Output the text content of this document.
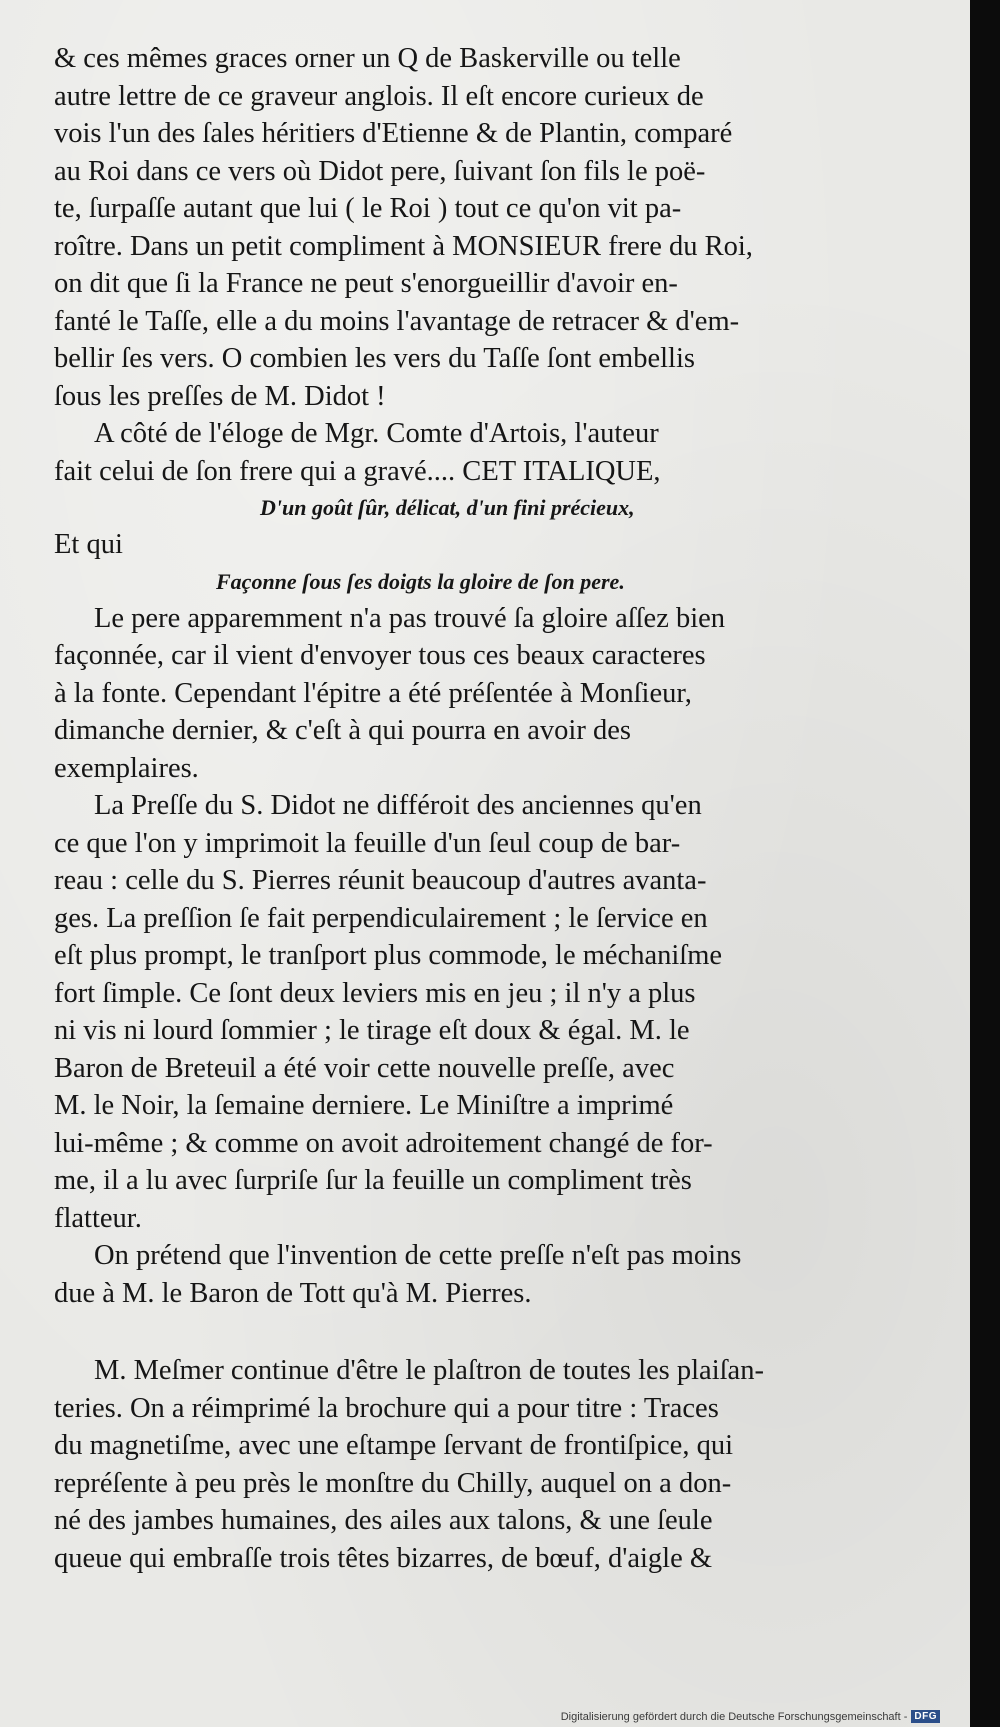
& ces mêmes graces orner un Q de Baskerville ou telle
autre lettre de ce graveur anglois. Il eſt encore curieux de
vois l'un des ſales héritiers d'Etienne & de Plantin, comparé
au Roi dans ce vers où Didot pere, ſuivant ſon fils le poë-
te, ſurpaſſe autant que lui ( le Roi ) tout ce qu'on vit pa-
roître. Dans un petit compliment à MONSIEUR frere du Roi,
on dit que ſi la France ne peut s'enorgueillir d'avoir en-
fanté le Taſſe, elle a du moins l'avantage de retracer & d'em-
bellir ſes vers. O combien les vers du Taſſe ſont embellis
ſous les preſſes de M. Didot !
A côté de l'éloge de Mgr. Comte d'Artois, l'auteur
fait celui de ſon frere qui a gravé.... CET ITALIQUE,
D'un goût ſûr, délicat, d'un fini précieux,
Et qui
Façonne ſous ſes doigts la gloire de ſon pere.
Le pere apparemment n'a pas trouvé ſa gloire aſſez bien
façonnée, car il vient d'envoyer tous ces beaux caracteres
à la fonte. Cependant l'épitre a été préſentée à Monſieur,
dimanche dernier, & c'eſt à qui pourra en avoir des
exemplaires.
La Preſſe du S. Didot ne différoit des anciennes qu'en
ce que l'on y imprimoit la feuille d'un ſeul coup de bar-
reau : celle du S. Pierres réunit beaucoup d'autres avanta-
ges. La preſſion ſe fait perpendiculairement ; le ſervice en
eſt plus prompt, le tranſport plus commode, le méchaniſme
fort ſimple. Ce ſont deux leviers mis en jeu ; il n'y a plus
ni vis ni lourd ſommier ; le tirage eſt doux & égal. M. le
Baron de Breteuil a été voir cette nouvelle preſſe, avec
M. le Noir, la ſemaine derniere. Le Miniſtre a imprimé
lui-même ; & comme on avoit adroitement changé de for-
me, il a lu avec ſurpriſe ſur la feuille un compliment très
flatteur.
On prétend que l'invention de cette preſſe n'eſt pas moins
due à M. le Baron de Tott qu'à M. Pierres.
M. Meſmer continue d'être le plaſtron de toutes les plaiſan-
teries. On a réimprimé la brochure qui a pour titre : Traces
du magnetiſme, avec une eſtampe ſervant de frontiſpice, qui
repréſente à peu près le monſtre du Chilly, auquel on a don-
né des jambes humaines, des ailes aux talons, & une ſeule
queue qui embraſſe trois têtes bizarres, de bœuf, d'aigle &
Digitalisierung gefördert durch die Deutsche Forschungsgemeinschaft - DFG
